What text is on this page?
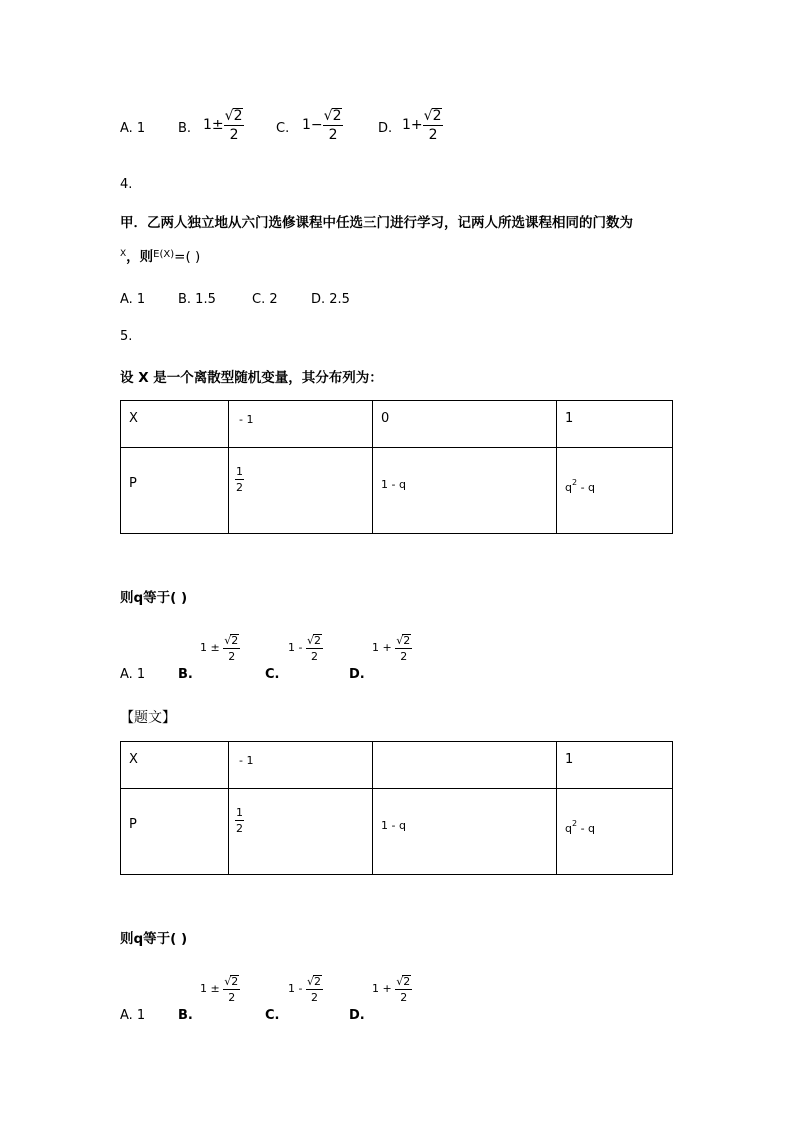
A. 1	B. $1\pm \frac{√2}{2} C$. $1- \frac{√2}{2}$	D. $1+ \frac{√2}{2}$
4.
甲．乙两人独立地从六门选修课程中任选三门进行学习，记两人所选课程相同的门数为
$^X$，则$^{E(X)}$=( )
A. 1	B. 1.5	C. 2	D. 2.5
5.
设 X 是一个离散型随机变量，其分布列为：
X	- 1	0	1

P	$\frac{1}{2}$	1 - q	$q^2$ - q
则q等于( )
A. 1	B.
$1 \pm \frac{√2}{2}$
C.
$1 - \frac{√2}{2}$
D.
$1 + \frac{√2}{2}$
【题文】
X	- 1		1

P	$\frac{1}{2}$	1 - q	$q^2$ - q
则q等于( )
A. 1	B.
$1 \pm \frac{√2}{2}$
C.
$1 - \frac{√2}{2}$
D.
$1 + \frac{√2}{2}$
